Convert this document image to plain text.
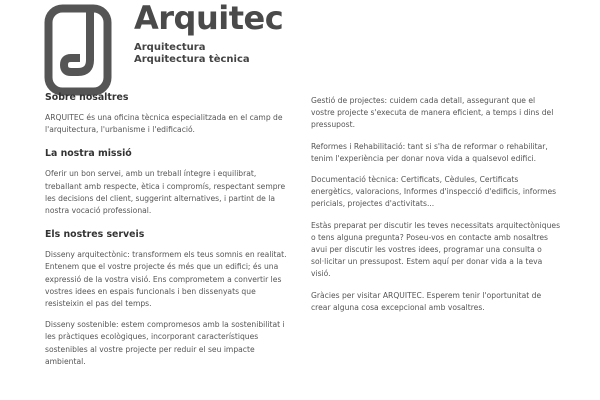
Arquitec

Arquitectura

Arquitectura tècnica

Sobre nosaltres

ARQUITEC és una oficina tècnica especialitzada en el camp de l'arquitectura, l'urbanisme i l'edificació.

La nostra missió

Oferir un bon servei, amb un treball íntegre i equilibrat, treballant amb respecte, ètica i compromís, respectant sempre les decisions del client, suggerint alternatives, i partint de la nostra vocació professional.

Els nostres serveis

Disseny arquitectònic: transformem els teus somnis en realitat. Entenem que el vostre projecte és més que un edifici; és una expressió de la vostra visió. Ens comprometem a convertir les vostres idees en espais funcionals i ben dissenyats que resisteixin el pas del temps.

Disseny sostenible: estem compromesos amb la sostenibilitat i les pràctiques ecològiques, incorporant característiques sostenibles al vostre projecte per reduir el seu impacte ambiental.

Gestió de projectes: cuidem cada detall, assegurant que el vostre projecte s'executa de manera eficient, a temps i dins del pressupost.

Reformes i Rehabilitació: tant si s'ha de reformar o rehabilitar, tenim l'experiència per donar nova vida a qualsevol edifici.

Documentació tècnica: Certificats, Cèdules, Certificats energètics, valoracions, Informes d'inspecció d'edificis, informes pericials, projectes d'activitats...

Estàs preparat per discutir les teves necessitats arquitectòniques o tens alguna pregunta? Poseu-vos en contacte amb nosaltres avui per discutir les vostres idees, programar una consulta o sol·licitar un pressupost. Estem aquí per donar vida a la teva visió.

Gràcies per visitar ARQUITEC. Esperem tenir l'oportunitat de crear alguna cosa excepcional amb vosaltres.
